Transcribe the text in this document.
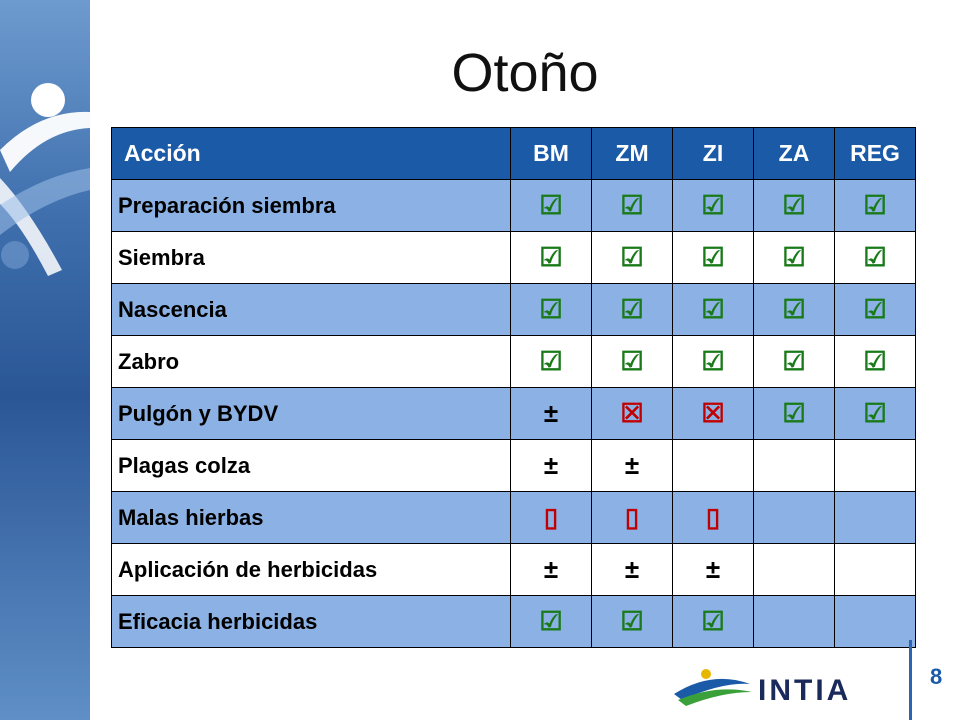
Otoño
Acción	BM	ZM	ZI	ZA	REG
Preparación siembra	☑	☑	☑	☑	☑
Siembra	☑	☑	☑	☑	☑
Nascencia	☑	☑	☑	☑	☑
Zabro	☑	☑	☑	☑	☑
Pulgón y BYDV	±	☒	☒	☑	☑
Plagas colza	±	±			
Malas hierbas	▯	▯	▯		
Aplicación de herbicidas	±	±	±		
Eficacia herbicidas	☑	☑	☑		
INTIA	8
